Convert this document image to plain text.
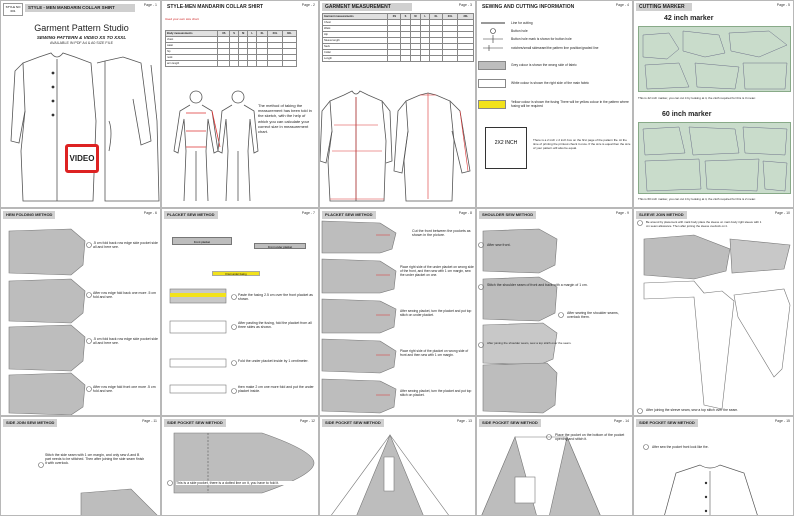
STYLE NO
001
STYLE - MEN MANDARIN COLLAR SHIRT	Page - 1
Garment Pattern Studio
SEWING PATTERN & VIDEO XS TO XXXL
AVAILABLE IN PDF A4 & A0 SIZE FILE
VIDEO
STYLE-MEN MANDARIN COLLAR SHIRT	Page - 2
Used your own size chart
Body measurements	XS	S	M	L	XL	2XL	3XL
chest							
waist							
hip							
neck							
arm length							
The method of taking the measurement has been told in the sketch, with the help of which you can calculate your correct size in measurement chart.
GARMENT MEASUREMENT	Page - 3
Garment measurements	XS	S	M	L	XL	2XL	3XL
Chest							
Waist							
Hip							
Sleeve length							
Neck							
Collar							
Length							
SEWING AND CUTTING INFORMATION	Page - 4
Line for cutting
Button hole
Button hole mark is shown for button hole
notches/small sideseam/the pattern line position/graded line
Grey colour is shown the wrong side of fabric
White colour is shown the right side of the main fabric
Yellow colour is shown the fusing There will be yellow colour in the pattern where fusing will be required
2X2 INCH	There is a 2 inch x 2 inch box on the first page of the pattern file. At the time of printing the printout check it once. If the size is equal then the size of your pattern will also be equal.
CUTTING MARKER	Page - 5
42 inch marker
This is 42 inch marker, you can cut it by looking at it, the cloth required for this is 3 meter.
60 inch marker
This is 60 inch marker, you can cut it by looking at it, the cloth required for this is 2 meter.
HEM FOLDING METHOD	Page - 6
.5 cm fold back row edge side pocket side all and here see.
After row edge fold back one more .5 cm fold and see.
.5 cm fold back row edge side pocket side all and here see.
After row edge fold front one more .5 cm fold and see.
PLACKET SEW METHOD	Page - 7
Front placket
Front under placket
Front under fusing
Paste the fusing 2.5 cm over the front placket as shown.
After pasting the fusing, fold the placket from all three sides as shown.
Fold the under placket inside by 1 centimeter.
then make 2 cm one more fold and put the under placket inside.
PLACKET SEW METHOD	Page - 8
Cut the front between the pockets as shown in the picture.
Place right side of the under placket on wrong side of the front, and then sew with 1 cm margin, sew the under placket on one.
After sewing placket, turn the placket and put top stitch on under placket.
Place right side of the placket on wrong side of front and then sew with 1 cm margin.
After sewing placket, turn the placket and put top stitch on placket.
SHOULDER SEW METHOD	Page - 9
After sew front.
Stitch the shoulder seam of front and back with a margin of 1 cm.
After sewing the shoulder seams, overlock them.
After joining the shoulder seam, sew a top stitch over the seam.
SLEEVE JOIN METHOD	Page - 10
Be around by placement with mark body place the sleeve on main body right sleeve with 1 cm seam allowance. Then after joining the sleeve overlock on it.
After joining the sleeve seam, sew a top stitch over the seam.
SIDE JOIN SEW METHOD	Page - 11
Stitch the side seam with 1 cm margin, and only sew A and B part needs to be stitched. Then after joining the side seam finish it with overlock.
SIDE POCKET SEW METHOD	Page - 12
This is a side pocket, there is a dotted line on it, you have to fold it.
SIDE POCKET SEW METHOD	Page - 13	SIDE POCKET SEW METHOD	Page - 14
Place the pocket on the bottom of the pocket opening and stitch it.
SIDE POCKET SEW METHOD	Page - 15
After sew the pocket front look like the.
